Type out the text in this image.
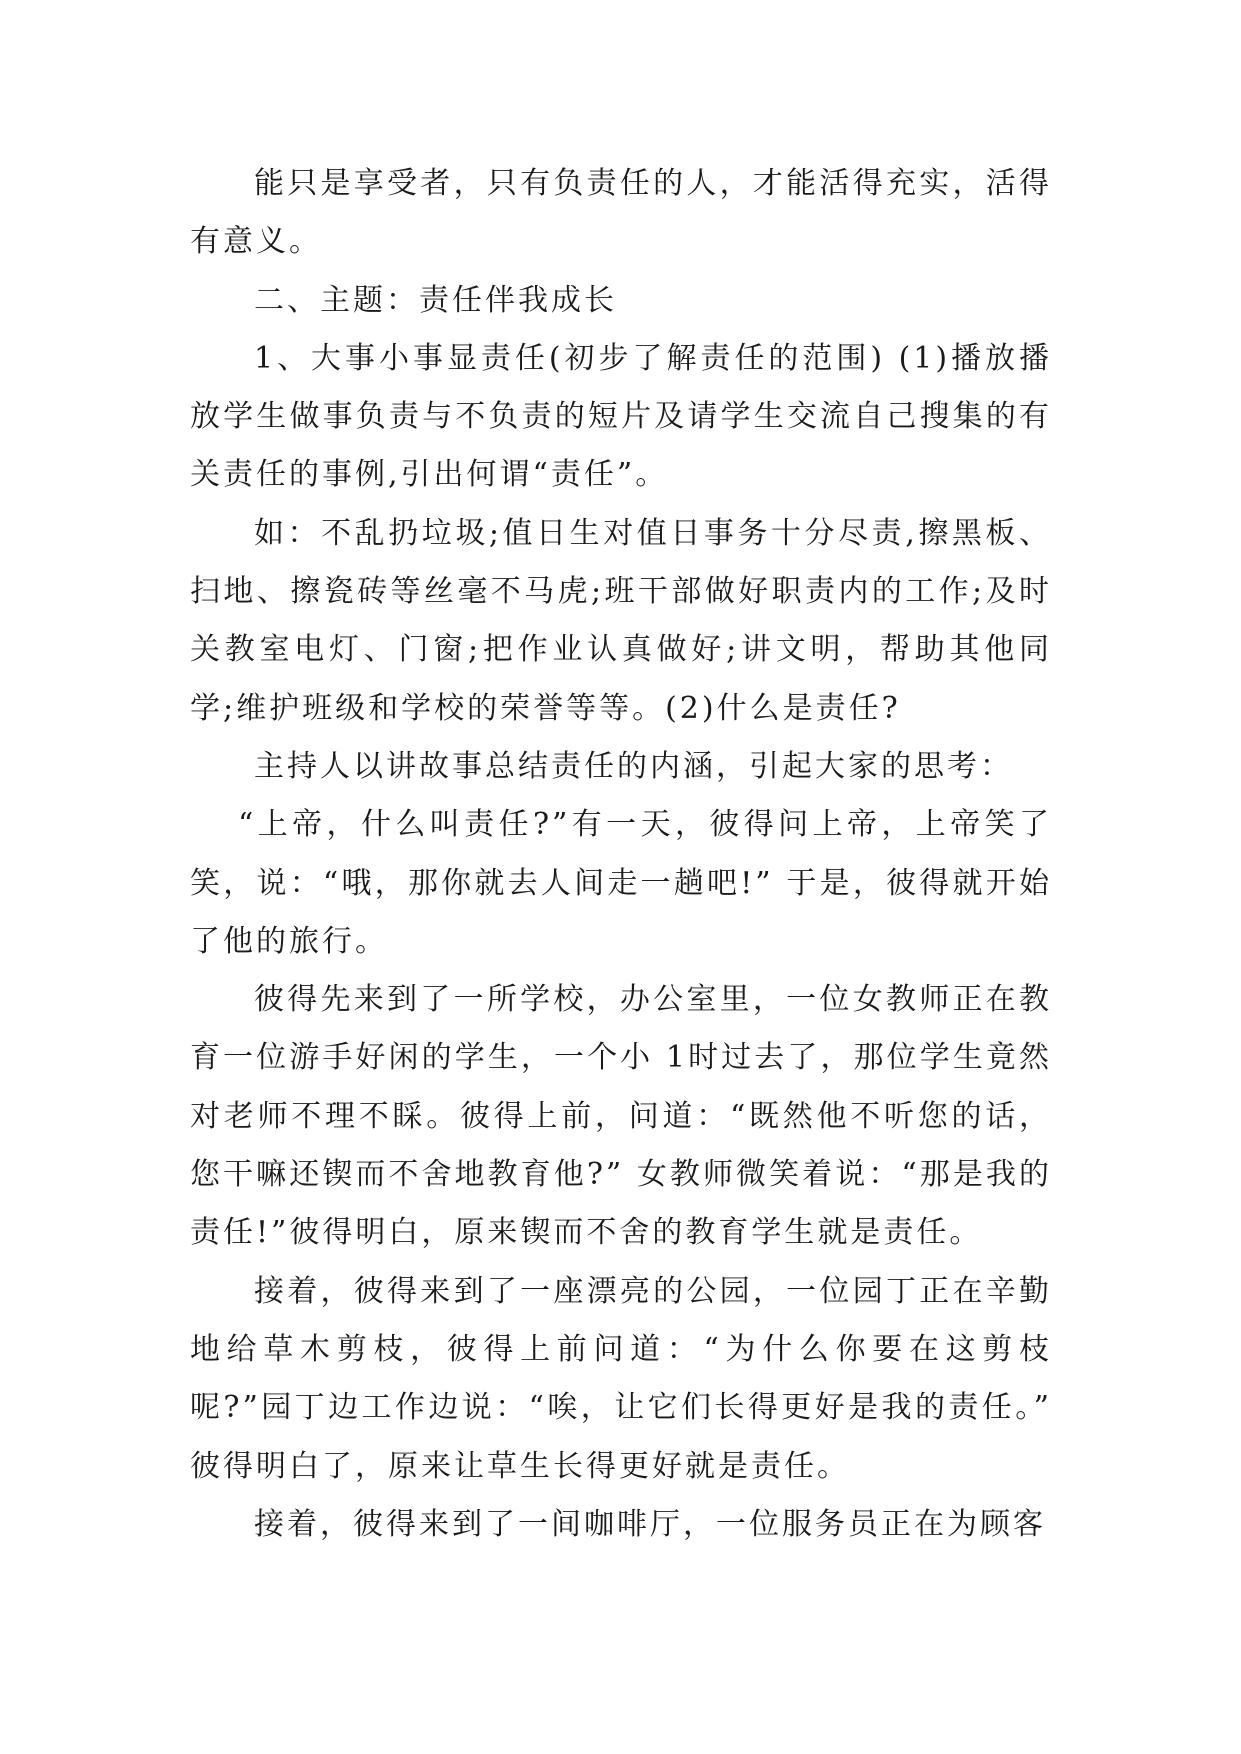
能只是享受者，只有负责任的人，才能活得充实，活得有意义。

二、主题：责任伴我成长

1、大事小事显责任(初步了解责任的范围) (1)播放播放学生做事负责与不负责的短片及请学生交流自己搜集的有关责任的事例,引出何谓“责任”。

如：不乱扔垃圾;值日生对值日事务十分尽责,擦黑板、扫地、擦瓷砖等丝毫不马虎;班干部做好职责内的工作;及时关教室电灯、门窗;把作业认真做好;讲文明，帮助其他同学;维护班级和学校的荣誉等等。(2)什么是责任?

主持人以讲故事总结责任的内涵，引起大家的思考：

“上帝，什么叫责任?”有一天，彼得问上帝，上帝笑了笑，说：“哦，那你就去人间走一趟吧!” 于是，彼得就开始了他的旅行。

彼得先来到了一所学校，办公室里，一位女教师正在教育一位游手好闲的学生，一个小 1时过去了，那位学生竟然对老师不理不睬。彼得上前，问道：“既然他不听您的话，您干嘛还锲而不舍地教育他?” 女教师微笑着说：“那是我的责任!”彼得明白，原来锲而不舍的教育学生就是责任。

接着，彼得来到了一座漂亮的公园，一位园丁正在辛勤地给草木剪枝，彼得上前问道：“为什么你要在这剪枝呢?”园丁边工作边说：“唉，让它们长得更好是我的责任。” 彼得明白了，原来让草生长得更好就是责任。

接着，彼得来到了一间咖啡厅，一位服务员正在为顾客
